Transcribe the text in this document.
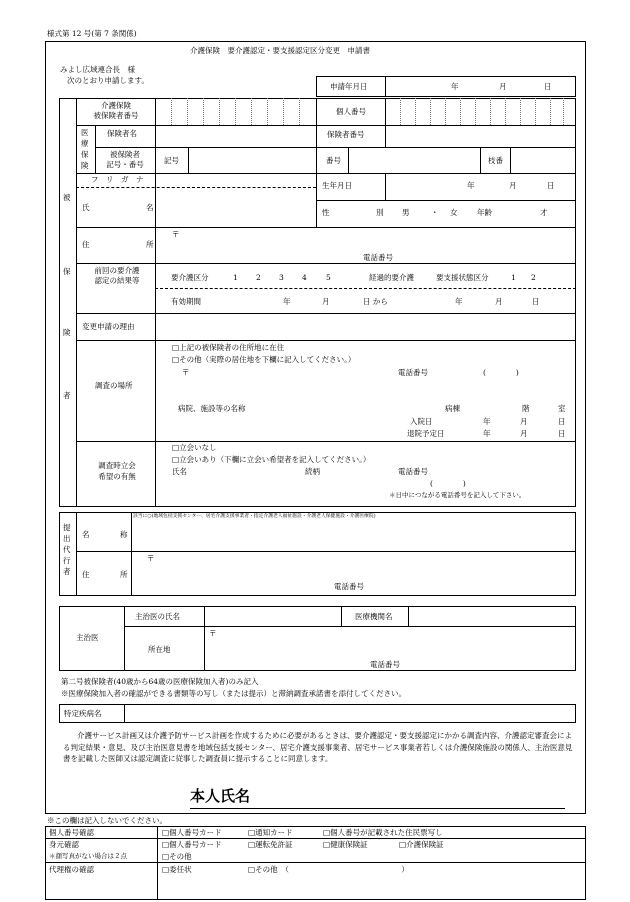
様式第 12 号(第 7 条関係)
介護保険　要介護認定・要支援認定区分変更　申請書
みよし広域連合長　様
次のとおり申請します。
申請年月日	年	月	日
被
保
険
者
介護保険
被保険者番号	個人番号
医
療
保
険
保険者名	保険者番号
被保険者
記号・番号	記号	番号	枝番
フ　リ　ガ　ナ
氏	名
生年月日	年	月	日
性	別 男	・ 女	年齢	才
住	所
〒
電話番号
前回の要介護
認定の結果等	要介護区分	1 2 3 4	5	経過的要介護	要支援状態区分	1 2
有効期間	年	月	日 から	年	月	日
変更申請の理由
調査の場所
□上記の被保険者の住所地に在住
□その他（実際の居住地を下欄に記入してください。）
〒	電話番号	(　　　　)
病院、施設等の名称	病棟	階	室
入院日	年	月	日
退院予定日	年	月	日
調査時立会
希望の有無
□立会いなし
□立会いあり（下欄に立会い希望者を記入してください。）
氏名	続柄	電話番号
(　　　　)
＊日中につながる電話番号を記入して下さい。
提
出
代
行
者
名	称
該当に○(地域包括支援センター、居宅介護支援事業者・指定介護老人福祉施設・介護老人保健施設・介護医療院)
住	所
〒
電話番号
主治医
主治医の氏名	医療機関名
所在地
〒
電話番号
第二号被保険者(40歳から64歳の医療保険加入者)のみ記入
※医療保険加入者の確認ができる書類等の写し（または提示）と滞納調査承諾書を添付してください。
特定疾病名
介護サービス計画又は介護予防サービス計画を作成するために必要があるときは、要介護認定・要支援認定にかかる調査内容、介護認定審査会による判定結果・意見、及び主治医意見書を地域包括支援センター、居宅介護支援事業者、居宅サービス事業者若しくは介護保険施設の関係人、主治医意見書を記載した医師又は認定調査に従事した調査員に提示することに同意します。
本人氏名
※この欄は記入しないでください。
個人番号確認	□個人番号カード	□通知カード	□個人番号が記載された住民票写し
身元確認
＊顔写真がない場合は２点
□個人番号カード	□運転免許証	□健康保険証	□介護保険証
□その他
代理権の確認	□委任状	□その他　（　　　　　　　　　　　　　　　）
